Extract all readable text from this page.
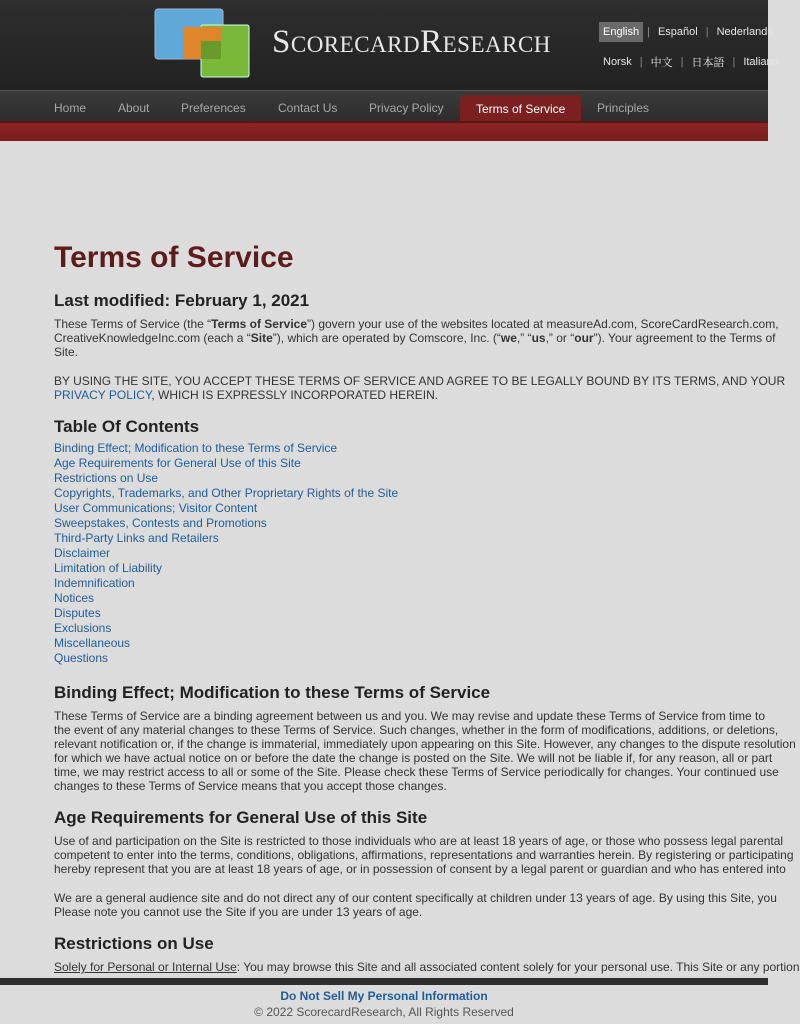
ScorecardResearch	English | Español | Nederlands
Norsk | 中文 | 日本語 | Italiano
Home	About	Preferences	Contact Us	Privacy Policy	Terms of Service	Principles
Terms of Service
Last modified: February 1, 2021
These Terms of Service (the “Terms of Service”) govern your use of the websites located at measureAd.com, ScoreCardResearch.com,
CreativeKnowledgeInc.com (each a “Site”), which are operated by Comscore, Inc. (“we,” “us,” or “our”). Your agreement to the Terms of
Site.
BY USING THE SITE, YOU ACCEPT THESE TERMS OF SERVICE AND AGREE TO BE LEGALLY BOUND BY ITS TERMS, AND YOUR
PRIVACY POLICY, WHICH IS EXPRESSLY INCORPORATED HEREIN.
Table Of Contents
Binding Effect; Modification to these Terms of Service
Age Requirements for General Use of this Site
Restrictions on Use
Copyrights, Trademarks, and Other Proprietary Rights of the Site
User Communications; Visitor Content
Sweepstakes, Contests and Promotions
Third-Party Links and Retailers
Disclaimer
Limitation of Liability
Indemnification
Notices
Disputes
Exclusions
Miscellaneous
Questions
Binding Effect; Modification to these Terms of Service
These Terms of Service are a binding agreement between us and you. We may revise and update these Terms of Service from time to
the event of any material changes to these Terms of Service. Such changes, whether in the form of modifications, additions, or deletions,
relevant notification or, if the change is immaterial, immediately upon appearing on this Site. However, any changes to the dispute resolution
for which we have actual notice on or before the date the change is posted on the Site. We will not be liable if, for any reason, all or part
time, we may restrict access to all or some of the Site. Please check these Terms of Service periodically for changes. Your continued use
changes to these Terms of Service means that you accept those changes.
Age Requirements for General Use of this Site
Use of and participation on the Site is restricted to those individuals who are at least 18 years of age, or those who possess legal parental
competent to enter into the terms, conditions, obligations, affirmations, representations and warranties herein. By registering or participating
hereby represent that you are at least 18 years of age, or in possession of consent by a legal parent or guardian and who has entered into
We are a general audience site and do not direct any of our content specifically at children under 13 years of age. By using this Site, you
Please note you cannot use the Site if you are under 13 years of age.
Restrictions on Use
Solely for Personal or Internal Use: You may browse this Site and all associated content solely for your personal use. This Site or any portion
Do Not Sell My Personal Information
© 2022 ScorecardResearch, All Rights Reserved
